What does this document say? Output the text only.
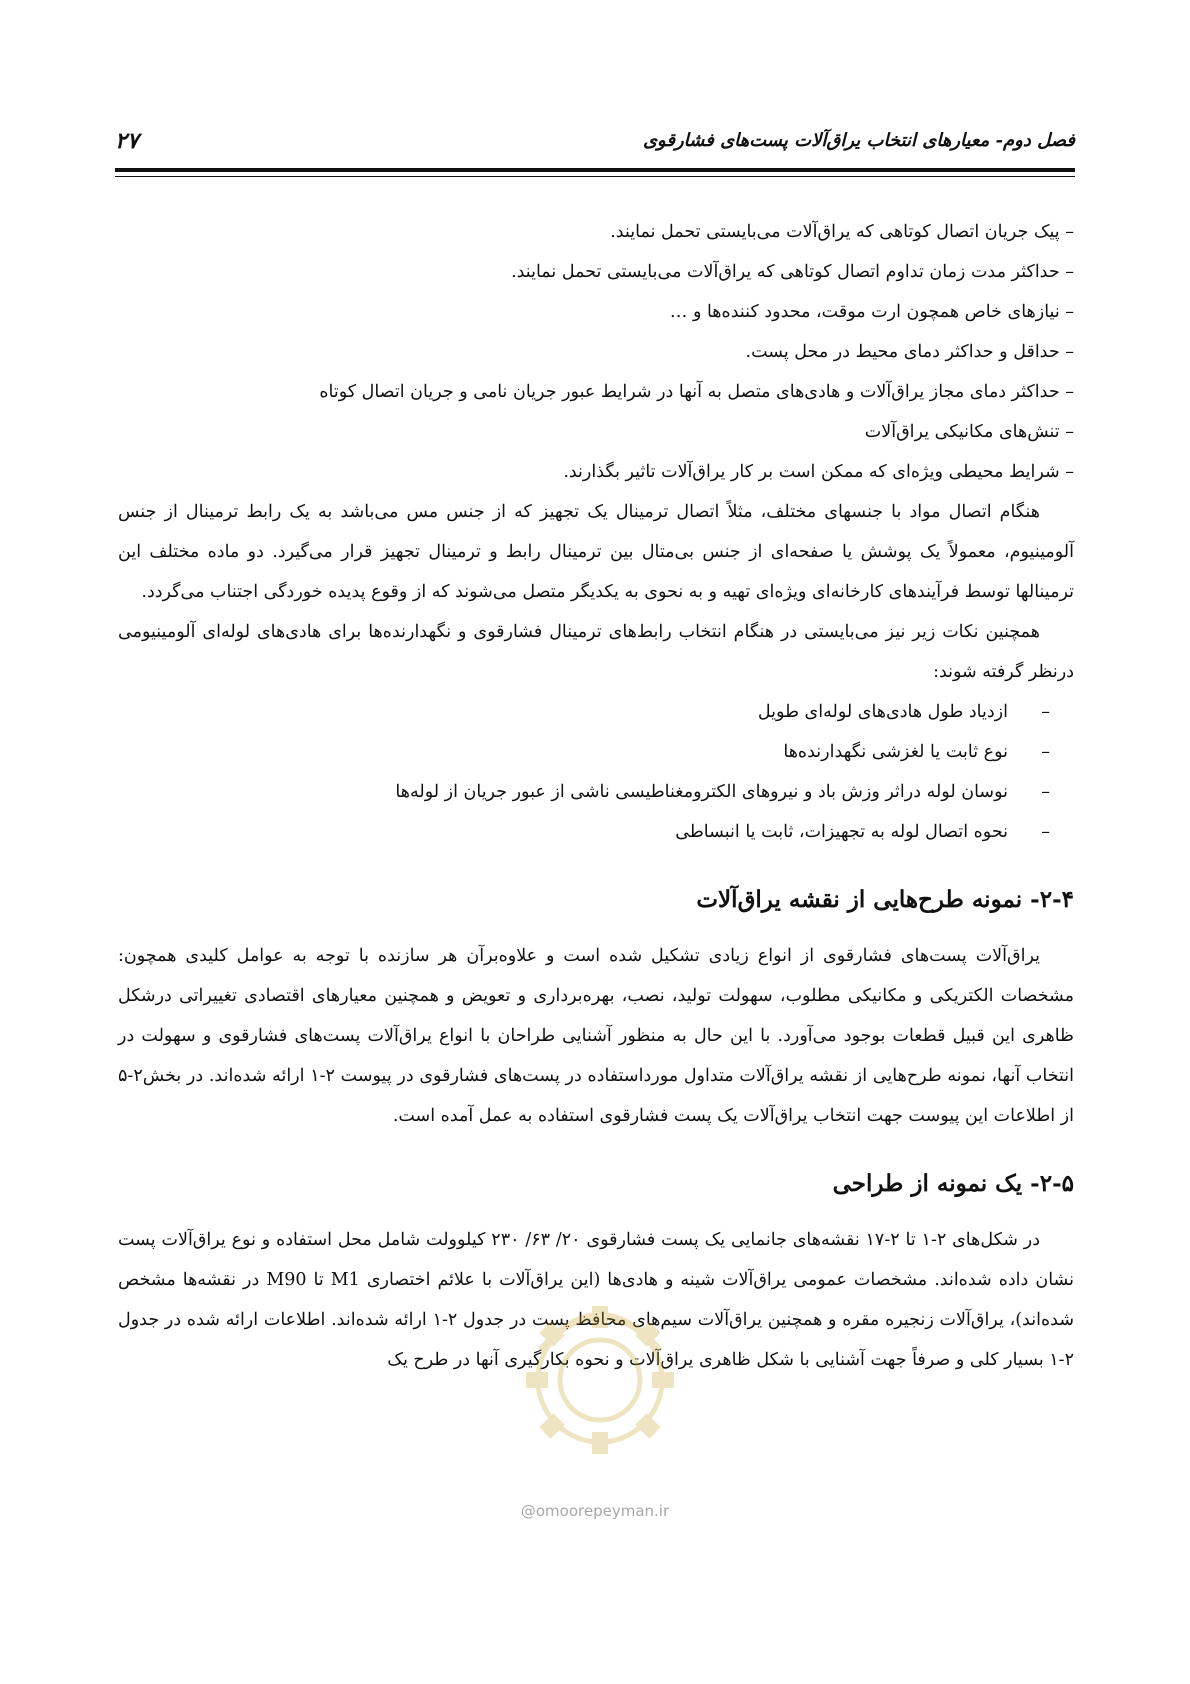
فصل دوم- معیارهای انتخاب یراق‌آلات پست‌های فشارقوی
۲۷

– پیک جریان اتصال کوتاهی که یراق‌آلات می‌بایستی تحمل نمایند.

– حداکثر مدت زمان تداوم اتصال کوتاهی که یراق‌آلات می‌بایستی تحمل نمایند.

– نیازهای خاص همچون ارت موقت، محدود کننده‌ها و …

– حداقل و حداکثر دمای محیط در محل پست.

– حداکثر دمای مجاز یراق‌آلات و هادی‌های متصل به آنها در شرایط عبور جریان نامی و جریان اتصال کوتاه

– تنش‌های مکانیکی یراق‌آلات

– شرایط محیطی ویژه‌ای که ممکن است بر کار یراق‌آلات تاثیر بگذارند.

هنگام اتصال مواد با جنسهای مختلف، مثلاً اتصال ترمینال یک تجهیز که از جنس مس می‌باشد به یک رابط ترمینال از جنس آلومینیوم، معمولاً یک پوشش یا صفحه‌ای از جنس بی‌متال بین ترمینال رابط و ترمینال تجهیز قرار می‌گیرد. دو ماده مختلف این ترمینالها توسط فرآیندهای کارخانه‌ای ویژه‌ای تهیه و به نحوی به یکدیگر متصل می‌شوند که از وقوع پدیده خوردگی اجتناب می‌گردد.

همچنین نکات زیر نیز می‌بایستی در هنگام انتخاب رابط‌های ترمینال فشارقوی و نگهدارنده‌ها برای هادی‌های لوله‌ای آلومینیومی درنظر گرفته شوند:

–
ازدیاد طول هادی‌های لوله‌ای طویل
–
نوع ثابت یا لغزشی نگهدارنده‌ها
–
نوسان لوله دراثر وزش باد و نیروهای الکترومغناطیسی ناشی از عبور جریان از لوله‌ها
–
نحوه اتصال لوله به تجهیزات، ثابت یا انبساطی
۲-۴- نمونه طرح‌هایی از نقشه یراق‌آلات

یراق‌آلات پست‌های فشارقوی از انواع زیادی تشکیل شده است و علاوه‌برآن هر سازنده با توجه به عوامل کلیدی همچون: مشخصات الکتریکی و مکانیکی مطلوب، سهولت تولید، نصب، بهره‌برداری و تعویض و همچنین معیارهای اقتصادی تغییراتی درشکل ظاهری این قبیل قطعات بوجود می‌آورد. با این حال به منظور آشنایی طراحان با انواع یراق‌آلات پست‌های فشارقوی و سهولت در انتخاب آنها، نمونه طرح‌هایی از نقشه یراق‌آلات متداول مورداستفاده در پست‌های فشارقوی در پیوست ۲-۱ ارائه شده‌اند. در بخش۲-۵ از اطلاعات این پیوست جهت انتخاب یراق‌آلات یک پست فشارقوی استفاده به عمل آمده است.

۲-۵- یک نمونه از طراحی

در شکل‌های ۲-۱ تا ۲-۱۷ نقشه‌های جانمایی یک پست فشارقوی ۲۰/ ۶۳/ ۲۳۰ کیلوولت شامل محل استفاده و نوع یراق‌آلات پست نشان داده شده‌اند. مشخصات عمومی یراق‌آلات شینه و هادی‌ها (این یراق‌آلات با علائم اختصاری M1 تا M90 در نقشه‌ها مشخص شده‌اند)، یراق‌آلات زنجیره مقره و همچنین یراق‌آلات سیم‌های محافظ پست در جدول ۲-۱ ارائه شده‌اند. اطلاعات ارائه شده در جدول ۲-۱ بسیار کلی و صرفاً جهت آشنایی با شکل ظاهری یراق‌آلات و نحوه بکارگیری آنها در طرح یک

@omoorepeyman.ir
